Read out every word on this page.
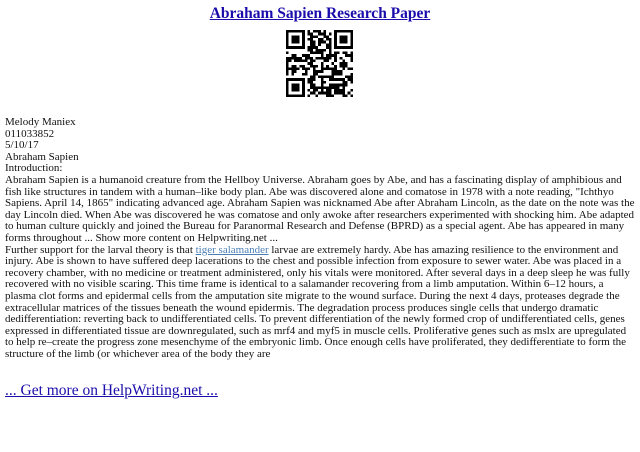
Abraham Sapien Research Paper
Melody Maniex
011033852
5/10/17
Abraham Sapien
Introduction:
Abraham Sapien is a humanoid creature from the Hellboy Universe. Abraham goes by Abe, and has a fascinating display of amphibious and fish like structures in tandem with a human–like body plan. Abe was discovered alone and comatose in 1978 with a note reading, "Ichthyo Sapiens. April 14, 1865" indicating advanced age. Abraham Sapien was nicknamed Abe after Abraham Lincoln, as the date on the note was the day Lincoln died. When Abe was discovered he was comatose and only awoke after researchers experimented with shocking him. Abe adapted to human culture quickly and joined the Bureau for Paranormal Research and Defense (BPRD) as a special agent. Abe has appeared in many forms throughout ... Show more content on Helpwriting.net ...
Further support for the larval theory is that tiger salamander larvae are extremely hardy. Abe has amazing resilience to the environment and injury. Abe is shown to have suffered deep lacerations to the chest and possible infection from exposure to sewer water. Abe was placed in a recovery chamber, with no medicine or treatment administered, only his vitals were monitored. After several days in a deep sleep he was fully recovered with no visible scaring. This time frame is identical to a salamander recovering from a limb amputation. Within 6–12 hours, a plasma clot forms and epidermal cells from the amputation site migrate to the wound surface. During the next 4 days, proteases degrade the extracellular matrices of the tissues beneath the wound epidermis. The degradation process produces single cells that undergo dramatic dedifferentiation: reverting back to undifferentiated cells. To prevent differentiation of the newly formed crop of undifferentiated cells, genes expressed in differentiated tissue are downregulated, such as mrf4 and myf5 in muscle cells. Proliferative genes such as mslx are upregulated to help re–create the progress zone mesenchyme of the embryonic limb. Once enough cells have proliferated, they dedifferentiate to form the structure of the limb (or whichever area of the body they are
... Get more on HelpWriting.net ...
